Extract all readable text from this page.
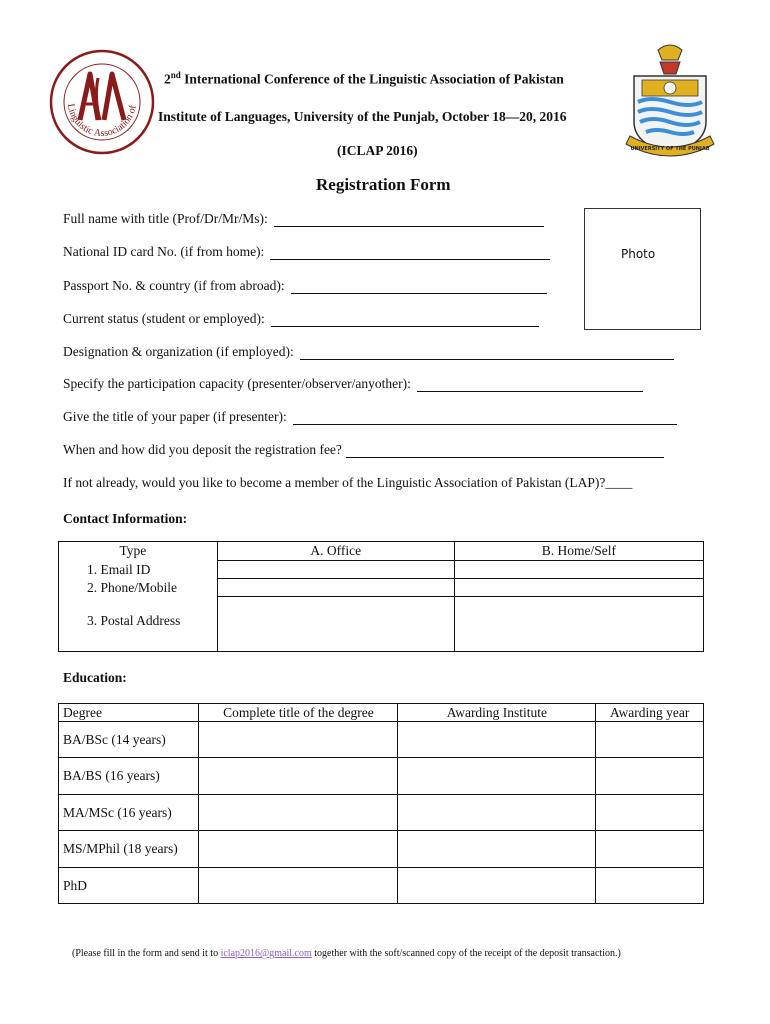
Linguistic Association of
UNIVERSITY OF THE PUNJAB
2nd International Conference of the Linguistic Association of Pakistan
Institute of Languages, University of the Punjab, October 18—20, 2016
(ICLAP 2016)
Registration Form
Photo
Full name with title (Prof/Dr/Mr/Ms):
National ID card No. (if from home):
Passport No. & country (if from abroad):
Current status (student or employed):
Designation & organization (if employed):
Specify the participation capacity (presenter/observer/anyother):
Give the title of your paper (if presenter):
When and how did you deposit the registration fee?
If not already, would you like to become a member of the Linguistic Association of Pakistan (LAP)?____
Contact Information:
Type	A. Office	B. Home/Self

1. Email ID		

2. Phone/Mobile		

3. Postal Address		

Education:
Degree	Complete title of the degree	Awarding Institute	Awarding year

BA/BSc (14 years)			

BA/BS (16 years)			

MA/MSc (16 years)			

MS/MPhil (18 years)			

PhD			

(Please fill in the form and send it to iclap2016@gmail.com together with the soft/scanned copy of the receipt of the deposit transaction.)
